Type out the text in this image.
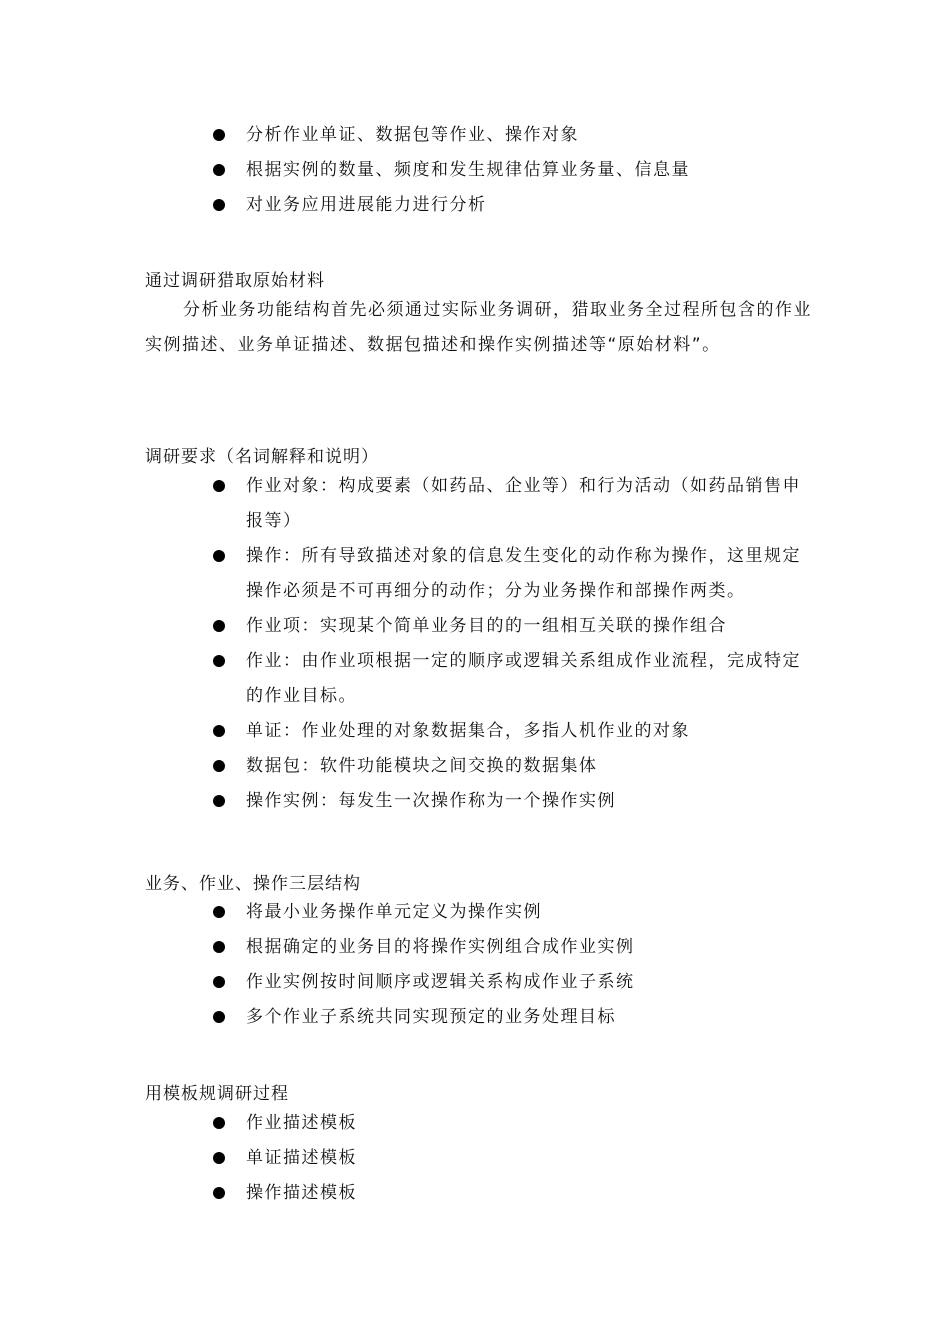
分析作业单证、数据包等作业、操作对象
根据实例的数量、频度和发生规律估算业务量、信息量
对业务应用进展能力进行分析
通过调研猎取原始材料
分析业务功能结构首先必须通过实际业务调研，猎取业务全过程所包含的作业实例描述、业务单证描述、数据包描述和操作实例描述等“原始材料”。
调研要求（名词解释和说明）
作业对象：构成要素（如药品、企业等）和行为活动（如药品销售申报等）
操作：所有导致描述对象的信息发生变化的动作称为操作，这里规定操作必须是不可再细分的动作；分为业务操作和部操作两类。
作业项：实现某个简单业务目的的一组相互关联的操作组合
作业：由作业项根据一定的顺序或逻辑关系组成作业流程，完成特定的作业目标。
单证：作业处理的对象数据集合，多指人机作业的对象
数据包：软件功能模块之间交换的数据集体
操作实例：每发生一次操作称为一个操作实例
业务、作业、操作三层结构
将最小业务操作单元定义为操作实例
根据确定的业务目的将操作实例组合成作业实例
作业实例按时间顺序或逻辑关系构成作业子系统
多个作业子系统共同实现预定的业务处理目标
用模板规调研过程
作业描述模板
单证描述模板
操作描述模板
